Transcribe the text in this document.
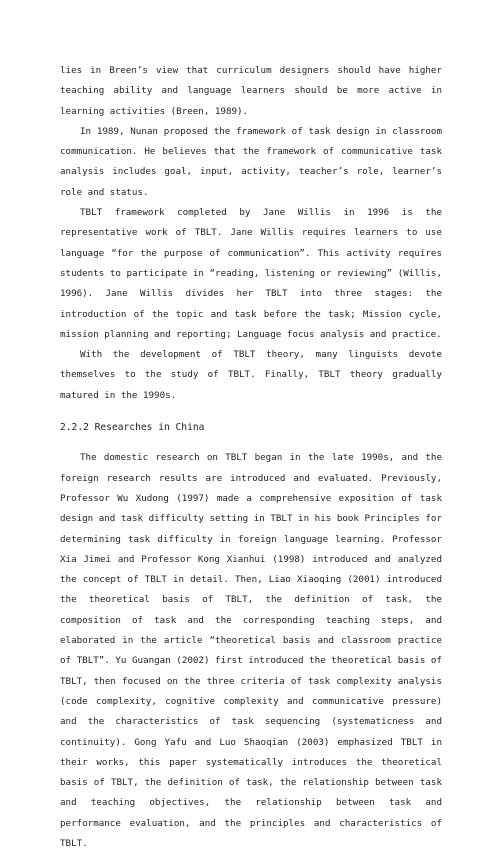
lies in Breen’s view that curriculum designers should have higher teaching ability and language learners should be more active in learning activities (Breen, 1989).

In 1989, Nunan proposed the framework of task design in classroom communication. He believes that the framework of communicative task analysis includes goal, input, activity, teacher’s role, learner’s role and status.

TBLT framework completed by Jane Willis in 1996 is the representative work of TBLT. Jane Willis requires learners to use language “for the purpose of communication”. This activity requires students to participate in “reading, listening or reviewing” (Willis, 1996). Jane Willis divides her TBLT into three stages: the introduction of the topic and task before the task; Mission cycle, mission planning and reporting; Language focus analysis and practice.

With the development of TBLT theory, many linguists devote themselves to the study of TBLT. Finally, TBLT theory gradually matured in the 1990s.

2.2.2 Researches in China

The domestic research on TBLT began in the late 1990s, and the foreign research results are introduced and evaluated. Previously, Professor Wu Xudong (1997) made a comprehensive exposition of task design and task difficulty setting in TBLT in his book Principles for determining task difficulty in foreign language learning. Professor Xia Jimei and Professor Kong Xianhui (1998) introduced and analyzed the concept of TBLT in detail. Then, Liao Xiaoqing (2001) introduced the theoretical basis of TBLT, the definition of task, the composition of task and the corresponding teaching steps, and elaborated in the article “theoretical basis and classroom practice of TBLT”. Yu Guangan (2002) first introduced the theoretical basis of TBLT, then focused on the three criteria of task complexity analysis (code complexity, cognitive complexity and communicative pressure) and the characteristics of task sequencing (systematicness and continuity). Gong Yafu and Luo Shaoqian (2003) emphasized TBLT in their works, this paper systematically introduces the theoretical basis of TBLT, the definition of task, the relationship between task and teaching objectives, the relationship between task and performance evaluation, and the principles and characteristics of TBLT.
